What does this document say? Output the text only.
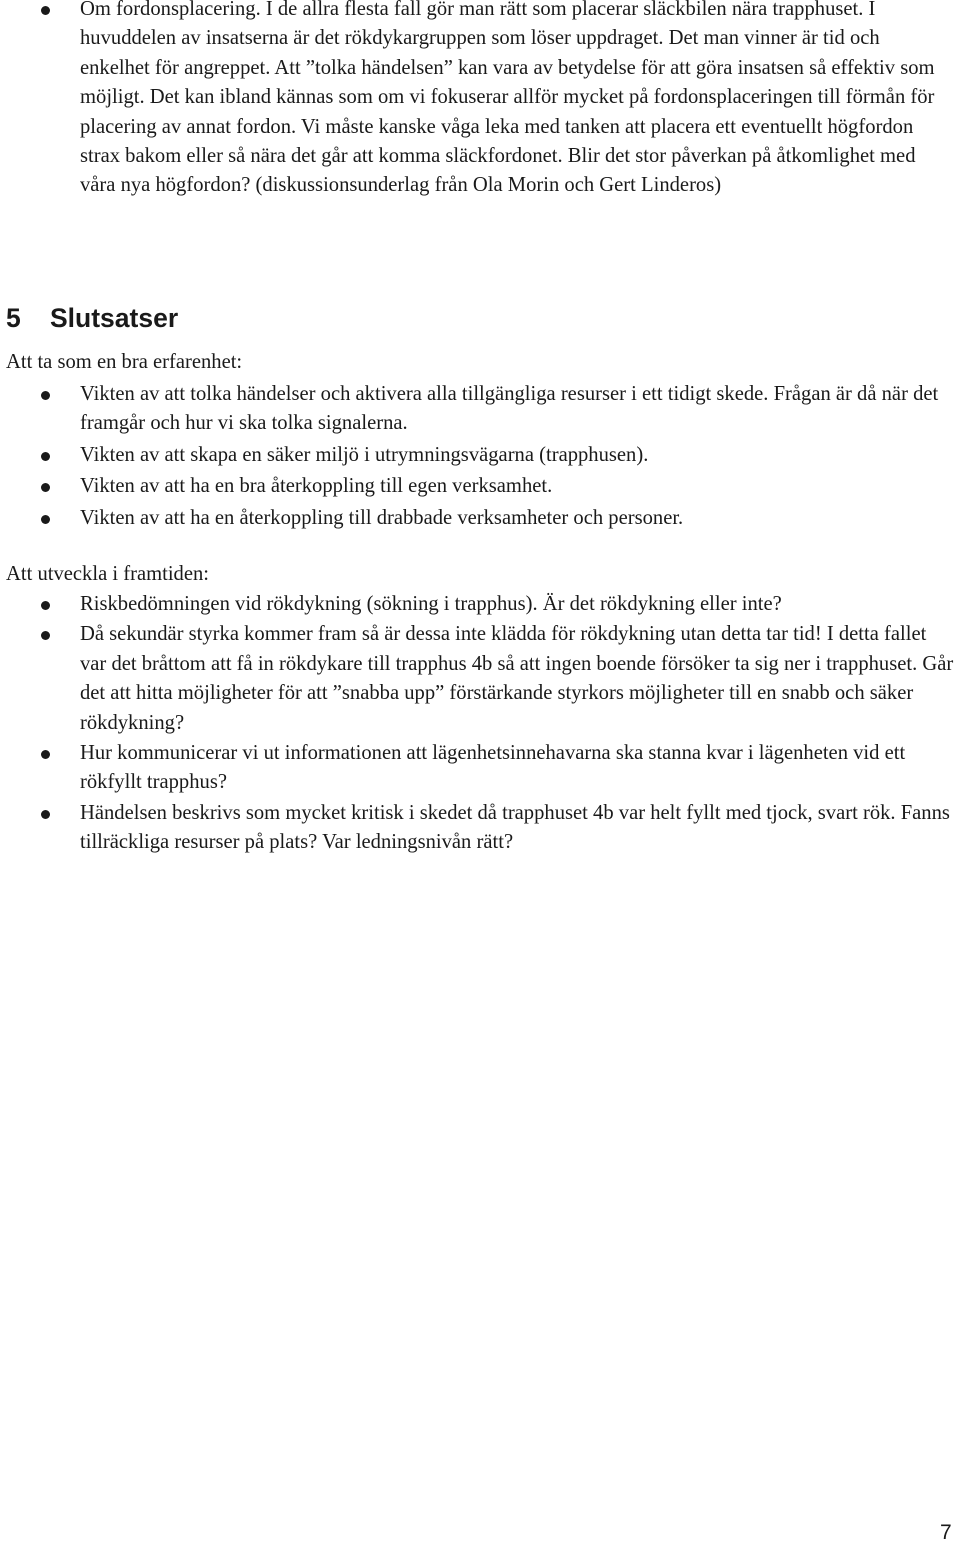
Om fordonsplacering. I de allra flesta fall gör man rätt som placerar släckbilen nära trapphuset. I huvuddelen av insatserna är det rökdykargruppen som löser uppdraget. Det man vinner är tid och enkelhet för angreppet. Att ”tolka händelsen” kan vara av betydelse för att göra insatsen så effektiv som möjligt. Det kan ibland kännas som om vi fokuserar allför mycket på fordonsplaceringen till förmån för placering av annat fordon. Vi måste kanske våga leka med tanken att placera ett eventuellt högfordon strax bakom eller så nära det går att komma släckfordonet. Blir det stor påverkan på åtkomlighet med våra nya högfordon? (diskussionsunderlag från Ola Morin och Gert Linderos)
5 Slutsatser
Att ta som en bra erfarenhet:
Vikten av att tolka händelser och aktivera alla tillgängliga resurser i ett tidigt skede. Frågan är då när det framgår och hur vi ska tolka signalerna.
Vikten av att skapa en säker miljö i utrymningsvägarna (trapphusen).
Vikten av att ha en bra återkoppling till egen verksamhet.
Vikten av att ha en återkoppling till drabbade verksamheter och personer.
Att utveckla i framtiden:
Riskbedömningen vid rökdykning (sökning i trapphus). Är det rökdykning eller inte?
Då sekundär styrka kommer fram så är dessa inte klädda för rökdykning utan detta tar tid! I detta fallet var det bråttom att få in rökdykare till trapphus 4b så att ingen boende försöker ta sig ner i trapphuset. Går det att hitta möjligheter för att ”snabba upp” förstärkande styrkors möjligheter till en snabb och säker rökdykning?
Hur kommunicerar vi ut informationen att lägenhetsinnehavarna ska stanna kvar i lägenheten vid ett rökfyllt trapphus?
Händelsen beskrivs som mycket kritisk i skedet då trapphuset 4b var helt fyllt med tjock, svart rök. Fanns tillräckliga resurser på plats? Var ledningsnivån rätt?
7
